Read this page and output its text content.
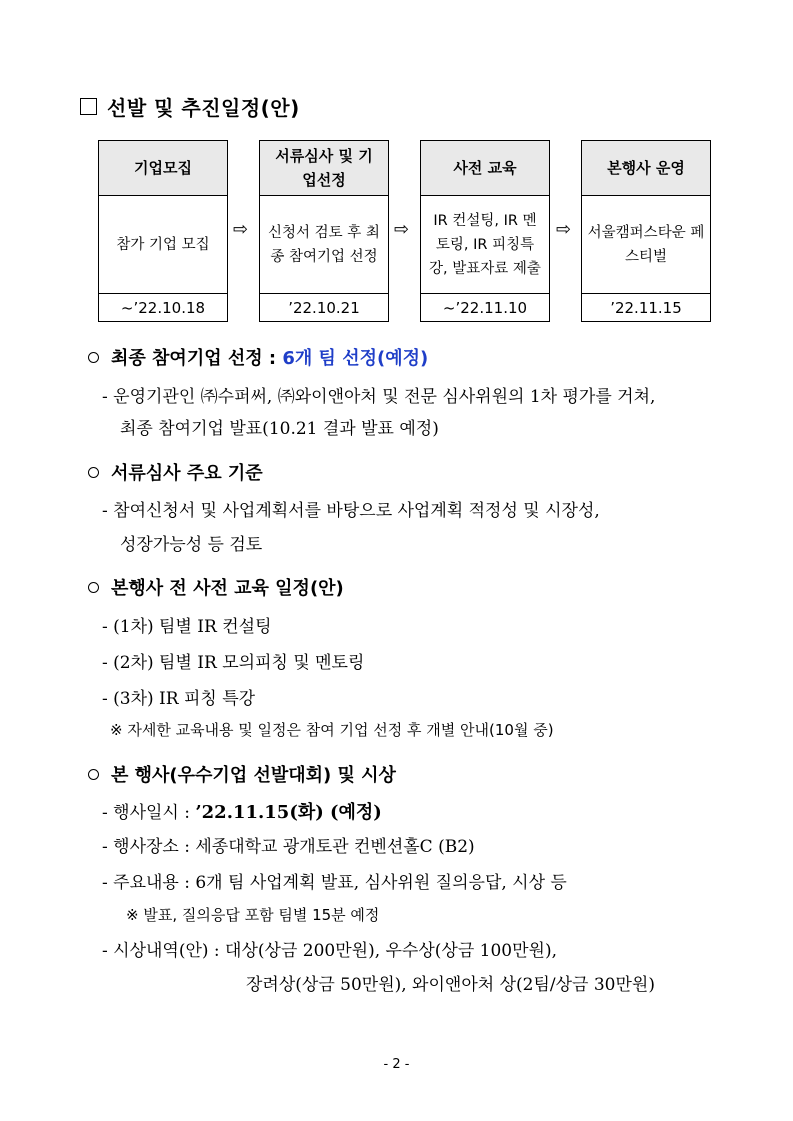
선발 및 추진일정(안)
기업모집
참가 기업 모집
~’22.10.18
⇨
서류심사 및 기업선정
신청서 검토 후 최종 참여기업 선정
’22.10.21
⇨
사전 교육
IR 컨설팅, IR 멘토링, IR 피칭특강, 발표자료 제출
~’22.11.10
⇨
본행사 운영
서울캠퍼스타운 페스티벌
’22.11.15
최종 참여기업 선정 : 6개 팀 선정(예정)
- 운영기관인 ㈜수퍼써, ㈜와이앤아처 및 전문 심사위원의 1차 평가를 거쳐,
최종 참여기업 발표(10.21 결과 발표 예정)
서류심사 주요 기준
- 참여신청서 및 사업계획서를 바탕으로 사업계획 적정성 및 시장성,
성장가능성 등 검토
본행사 전 사전 교육 일정(안)
- (1차) 팀별 IR 컨설팅
- (2차) 팀별 IR 모의피칭 및 멘토링
- (3차) IR 피칭 특강
※ 자세한 교육내용 및 일정은 참여 기업 선정 후 개별 안내(10월 중)
본 행사(우수기업 선발대회) 및 시상
- 행사일시 : ’22.11.15(화) (예정)
- 행사장소 : 세종대학교 광개토관 컨벤션홀C (B2)
- 주요내용 : 6개 팀 사업계획 발표, 심사위원 질의응답, 시상 등
※ 발표, 질의응답 포함 팀별 15분 예정
- 시상내역(안) : 대상(상금 200만원), 우수상(상금 100만원),
장려상(상금 50만원), 와이앤아처 상(2팀/상금 30만원)
- 2 -
